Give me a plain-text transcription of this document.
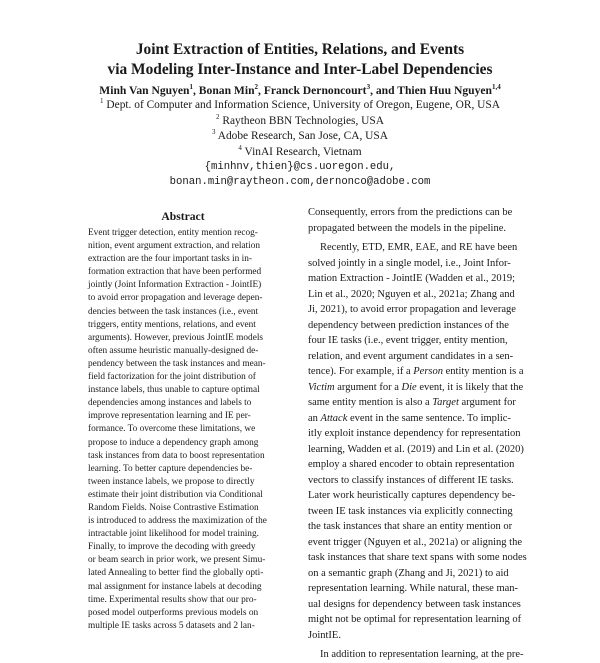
Joint Extraction of Entities, Relations, and Events
via Modeling Inter-Instance and Inter-Label Dependencies
Minh Van Nguyen$^1$, Bonan Min$^2$, Franck Dernoncourt$^3$, and Thien Huu Nguyen$^{1,4}$
$^1$ Dept. of Computer and Information Science, University of Oregon, Eugene, OR, USA
$^2$ Raytheon BBN Technologies, USA
$^3$ Adobe Research, San Jose, CA, USA
$^4$ VinAI Research, Vietnam
{minhnv,thien}@cs.uoregon.edu,
bonan.min@raytheon.com,dernonco@adobe.com
Abstract
Event trigger detection, entity mention recog-
nition, event argument extraction, and relation
extraction are the four important tasks in in-
formation extraction that have been performed
jointly (Joint Information Extraction - JointIE)
to avoid error propagation and leverage depen-
dencies between the task instances (i.e., event
triggers, entity mentions, relations, and event
arguments). However, previous JointIE models
often assume heuristic manually-designed de-
pendency between the task instances and mean-
field factorization for the joint distribution of
instance labels, thus unable to capture optimal
dependencies among instances and labels to
improve representation learning and IE per-
formance. To overcome these limitations, we
propose to induce a dependency graph among
task instances from data to boost representation
learning. To better capture dependencies be-
tween instance labels, we propose to directly
estimate their joint distribution via Conditional
Random Fields. Noise Contrastive Estimation
is introduced to address the maximization of the
intractable joint likelihood for model training.
Finally, to improve the decoding with greedy
or beam search in prior work, we present Simu-
lated Annealing to better find the globally opti-
mal assignment for instance labels at decoding
time. Experimental results show that our pro-
posed model outperforms previous models on
multiple IE tasks across 5 datasets and 2 lan-
Consequently, errors from the predictions can be
propagated between the models in the pipeline.
Recently, ETD, EMR, EAE, and RE have been
solved jointly in a single model, i.e., Joint Infor-
mation Extraction - JointIE (Wadden et al., 2019;
Lin et al., 2020; Nguyen et al., 2021a; Zhang and
Ji, 2021), to avoid error propagation and leverage
dependency between prediction instances of the
four IE tasks (i.e., event trigger, entity mention,
relation, and event argument candidates in a sen-
tence). For example, if a Person entity mention is a
Victim argument for a Die event, it is likely that the
same entity mention is also a Target argument for
an Attack event in the same sentence. To implic-
itly exploit instance dependency for representation
learning, Wadden et al. (2019) and Lin et al. (2020)
employ a shared encoder to obtain representation
vectors to classify instances of different IE tasks.
Later work heuristically captures dependency be-
tween IE task instances via explicitly connecting
the task instances that share an entity mention or
event trigger (Nguyen et al., 2021a) or aligning the
task instances that share text spans with some nodes
on a semantic graph (Zhang and Ji, 2021) to aid
representation learning. While natural, these man-
ual designs for dependency between task instances
might not be optimal for representation learning of
JointIE.
In addition to representation learning, at the pre-
